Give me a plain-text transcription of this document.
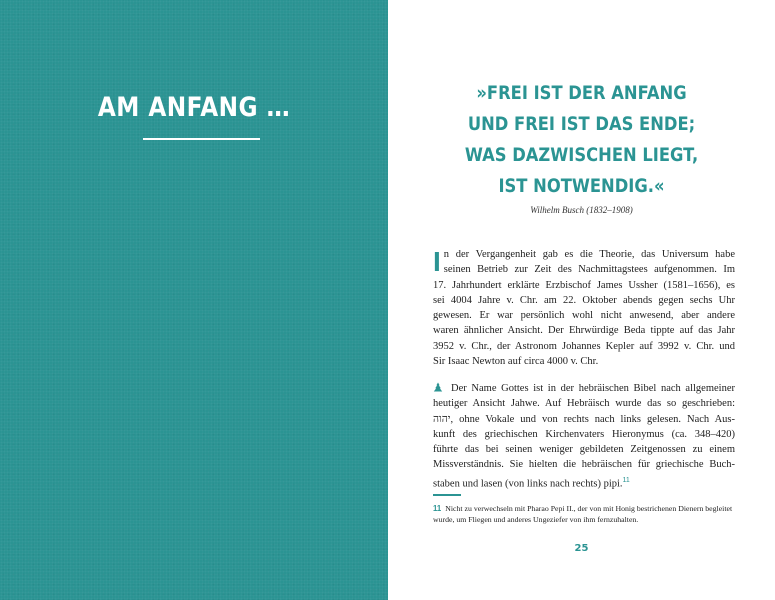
AM ANFANG …	»FREI IST DER ANFANG
UND FREI IST DAS ENDE;
WAS DAZWISCHEN LIEGT,
IST NOTWENDIG.«
Wilhelm Busch (1832–1908)
I n der Vergangenheit gab es die Theorie, das Universum habe
seinen Betrieb zur Zeit des Nachmittagstees aufgenommen. Im
17. Jahrhundert erklärte Erzbischof James Ussher (1581–1656), es
sei 4004 Jahre v. Chr. am 22. Oktober abends gegen sechs Uhr
gewesen. Er war persönlich wohl nicht anwesend, aber andere
waren ähnlicher Ansicht. Der Ehrwürdige Beda tippte auf das Jahr
3952 v. Chr., der Astronom Johannes Kepler auf 3992 v. Chr. und
Sir Isaac Newton auf circa 4000 v. Chr.
Der Name Gottes ist in der hebräischen Bibel nach allgemeiner
heutiger Ansicht Jahwe. Auf Hebräisch wurde das so geschrieben:
יהוה, ohne Vokale und von rechts nach links gelesen. Nach Aus-
kunft des griechischen Kirchenvaters Hieronymus (ca. 348–420)
führte das bei seinen weniger gebildeten Zeitgenossen zu einem
Missverständnis. Sie hielten die hebräischen für griechische Buch-
staben und lasen (von links nach rechts) pipi.$^{11}$
11 Nicht zu verwechseln mit Pharao Pepi II., der von mit Honig bestrichenen Dienern begleitet wurde, um Fliegen und anderes Ungeziefer von ihm fernzuhalten.
25
